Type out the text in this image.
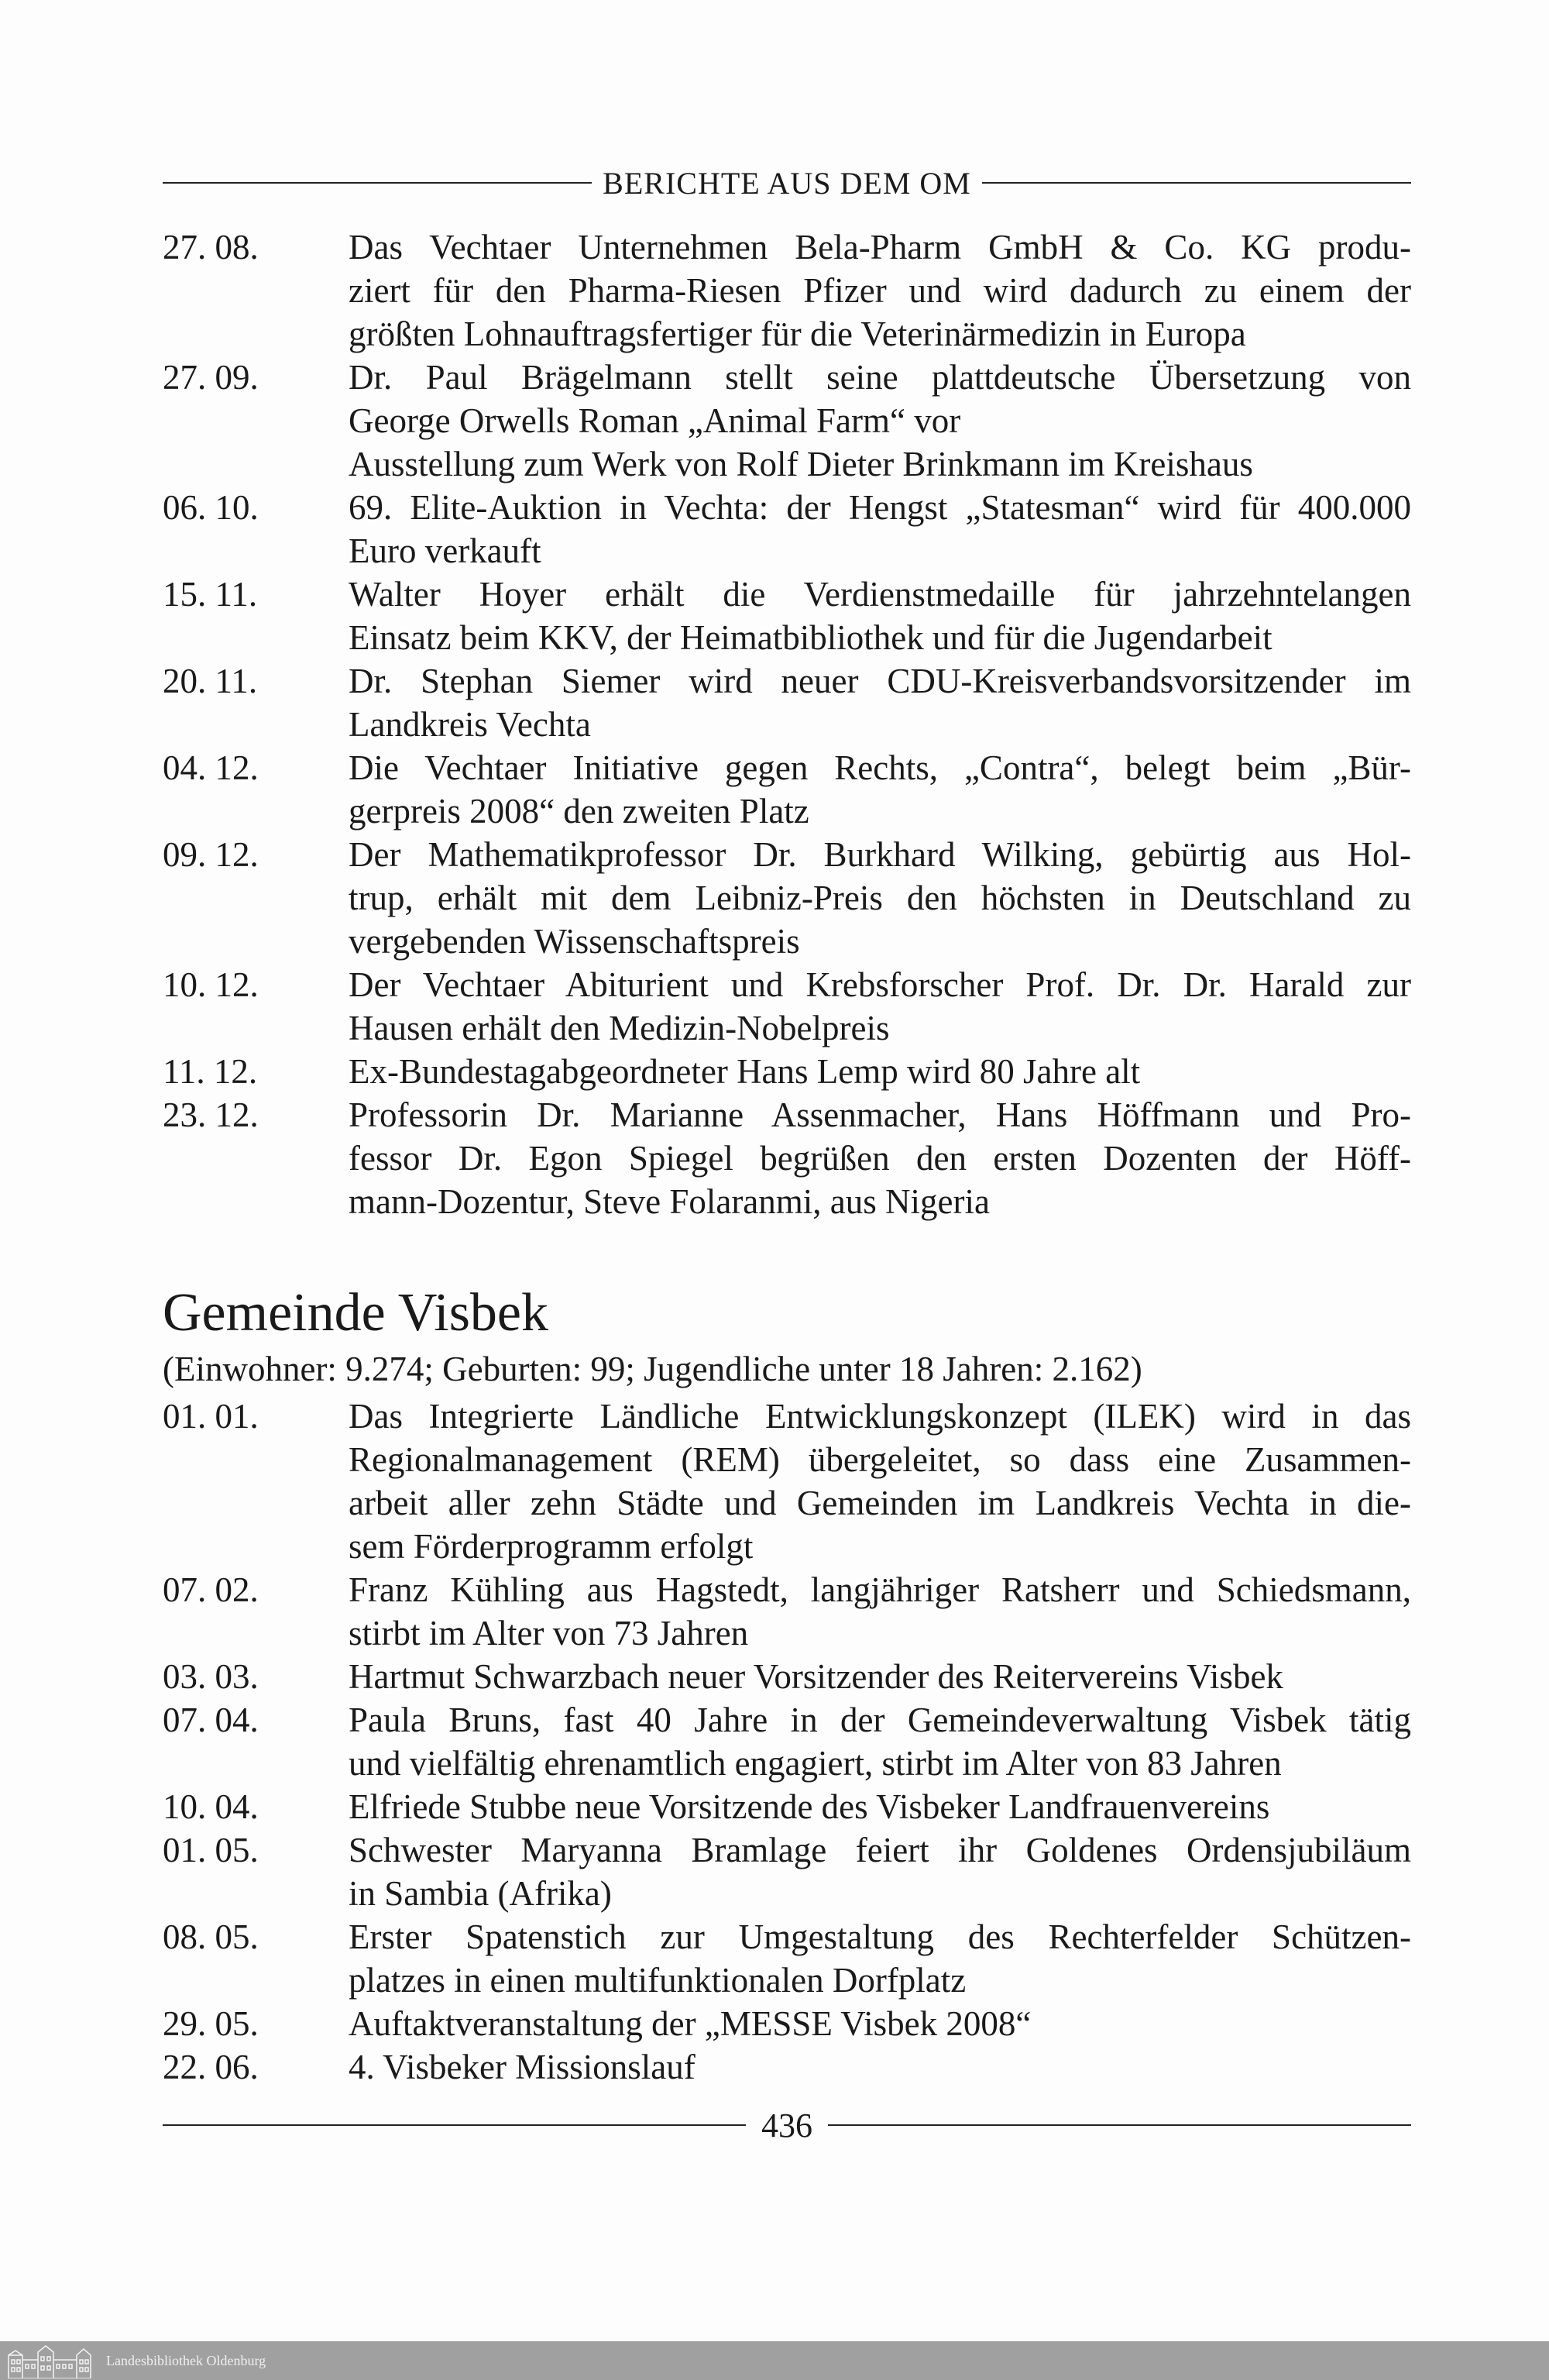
BERICHTE AUS DEM OM
27. 08.	Das Vechtaer Unternehmen Bela-Pharm GmbH & Co. KG produ-
ziert für den Pharma-Riesen Pfizer und wird dadurch zu einem der
größten Lohnauftragsfertiger für die Veterinärmedizin in Europa
27. 09.	Dr. Paul Brägelmann stellt seine plattdeutsche Übersetzung von
George Orwells Roman „Animal Farm“ vor
Ausstellung zum Werk von Rolf Dieter Brinkmann im Kreishaus
06. 10.	69. Elite-Auktion in Vechta: der Hengst „Statesman“ wird für 400.000
Euro verkauft
15. 11.	Walter Hoyer erhält die Verdienstmedaille für jahrzehntelangen
Einsatz beim KKV, der Heimatbibliothek und für die Jugendarbeit
20. 11.	Dr. Stephan Siemer wird neuer CDU-Kreisverbandsvorsitzender im
Landkreis Vechta
04. 12.	Die Vechtaer Initiative gegen Rechts, „Contra“, belegt beim „Bür-
gerpreis 2008“ den zweiten Platz
09. 12.	Der Mathematikprofessor Dr. Burkhard Wilking, gebürtig aus Hol-
trup, erhält mit dem Leibniz-Preis den höchsten in Deutschland zu
vergebenden Wissenschaftspreis
10. 12.	Der Vechtaer Abiturient und Krebsforscher Prof. Dr. Dr. Harald zur
Hausen erhält den Medizin-Nobelpreis
11. 12.	Ex-Bundestagabgeordneter Hans Lemp wird 80 Jahre alt
23. 12.	Professorin Dr. Marianne Assenmacher, Hans Höffmann und Pro-
fessor Dr. Egon Spiegel begrüßen den ersten Dozenten der Höff-
mann-Dozentur, Steve Folaranmi, aus Nigeria
Gemeinde Visbek
(Einwohner: 9.274; Geburten: 99; Jugendliche unter 18 Jahren: 2.162)
01. 01.	Das Integrierte Ländliche Entwicklungskonzept (ILEK) wird in das
Regionalmanagement (REM) übergeleitet, so dass eine Zusammen-
arbeit aller zehn Städte und Gemeinden im Landkreis Vechta in die-
sem Förderprogramm erfolgt
07. 02.	Franz Kühling aus Hagstedt, langjähriger Ratsherr und Schiedsmann,
stirbt im Alter von 73 Jahren
03. 03.	Hartmut Schwarzbach neuer Vorsitzender des Reitervereins Visbek
07. 04.	Paula Bruns, fast 40 Jahre in der Gemeindeverwaltung Visbek tätig
und vielfältig ehrenamtlich engagiert, stirbt im Alter von 83 Jahren
10. 04.	Elfriede Stubbe neue Vorsitzende des Visbeker Landfrauenvereins
01. 05.	Schwester Maryanna Bramlage feiert ihr Goldenes Ordensjubiläum
in Sambia (Afrika)
08. 05.	Erster Spatenstich zur Umgestaltung des Rechterfelder Schützen-
platzes in einen multifunktionalen Dorfplatz
29. 05.	Auftaktveranstaltung der „MESSE Visbek 2008“
22. 06.	4. Visbeker Missionslauf
436
Landesbibliothek Oldenburg
